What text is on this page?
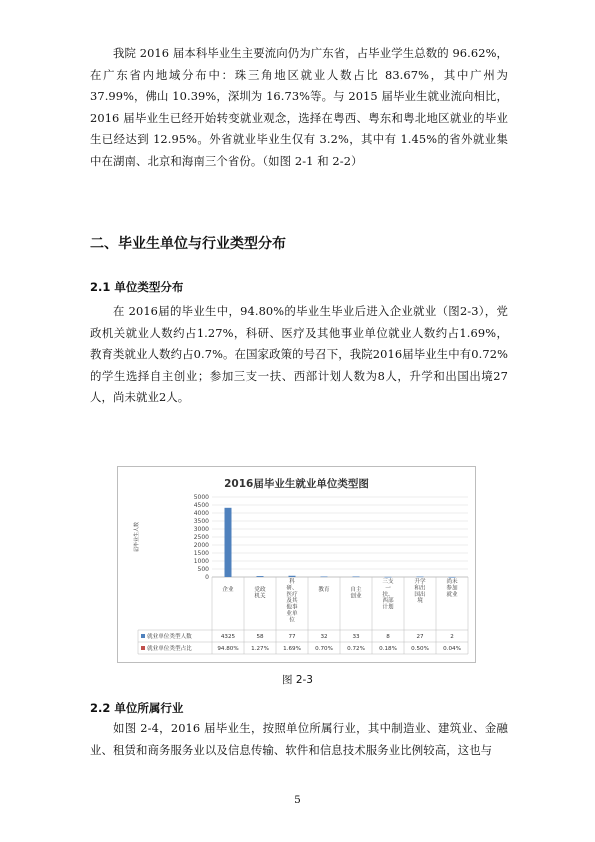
我院 2016 届本科毕业生主要流向仍为广东省，占毕业学生总数的 96.62%，在广东省内地域分布中：珠三角地区就业人数占比 83.67%，其中广州为 37.99%，佛山 10.39%，深圳为 16.73%等。与 2015 届毕业生就业流向相比，2016 届毕业生已经开始转变就业观念，选择在粤西、粤东和粤北地区就业的毕业生已经达到 12.95%。外省就业毕业生仅有 3.2%，其中有 1.45%的省外就业集中在湖南、北京和海南三个省份。（如图 2-1 和 2-2）
二、毕业生单位与行业类型分布
2.1 单位类型分布
在 2016届的毕业生中，94.80%的毕业生毕业后进入企业就业（图2-3），党政机关就业人数约占1.27%，科研、医疗及其他事业单位就业人数约占1.69%，教育类就业人数约占0.7%。在国家政策的号召下，我院2016届毕业生中有0.72%的学生选择自主创业；参加三支一扶、西部计划人数为8人，升学和出国出境27人，尚未就业2人。
2016届毕业生就业单位类型图
届毕业生人数
0
500
1000
1500
2000
2500
3000
3500
4000
4500
5000
企业	党政机关
科研、医疗及其他事业单位
教育	自主创业
三支一扶、西部计划
升学和出国出境
尚未参加就业
就业单位类型人数	4325	58	77	32	33	8	27	2
就业单位类型占比	94.80% 1.27%	1.69%	0.70%	0.72%	0.18%	0.50%	0.04%
图 2-3
2.2 单位所属行业
如图 2-4，2016 届毕业生，按照单位所属行业，其中制造业、建筑业、金融业、租赁和商务服务业以及信息传输、软件和信息技术服务业比例较高，这也与
5
